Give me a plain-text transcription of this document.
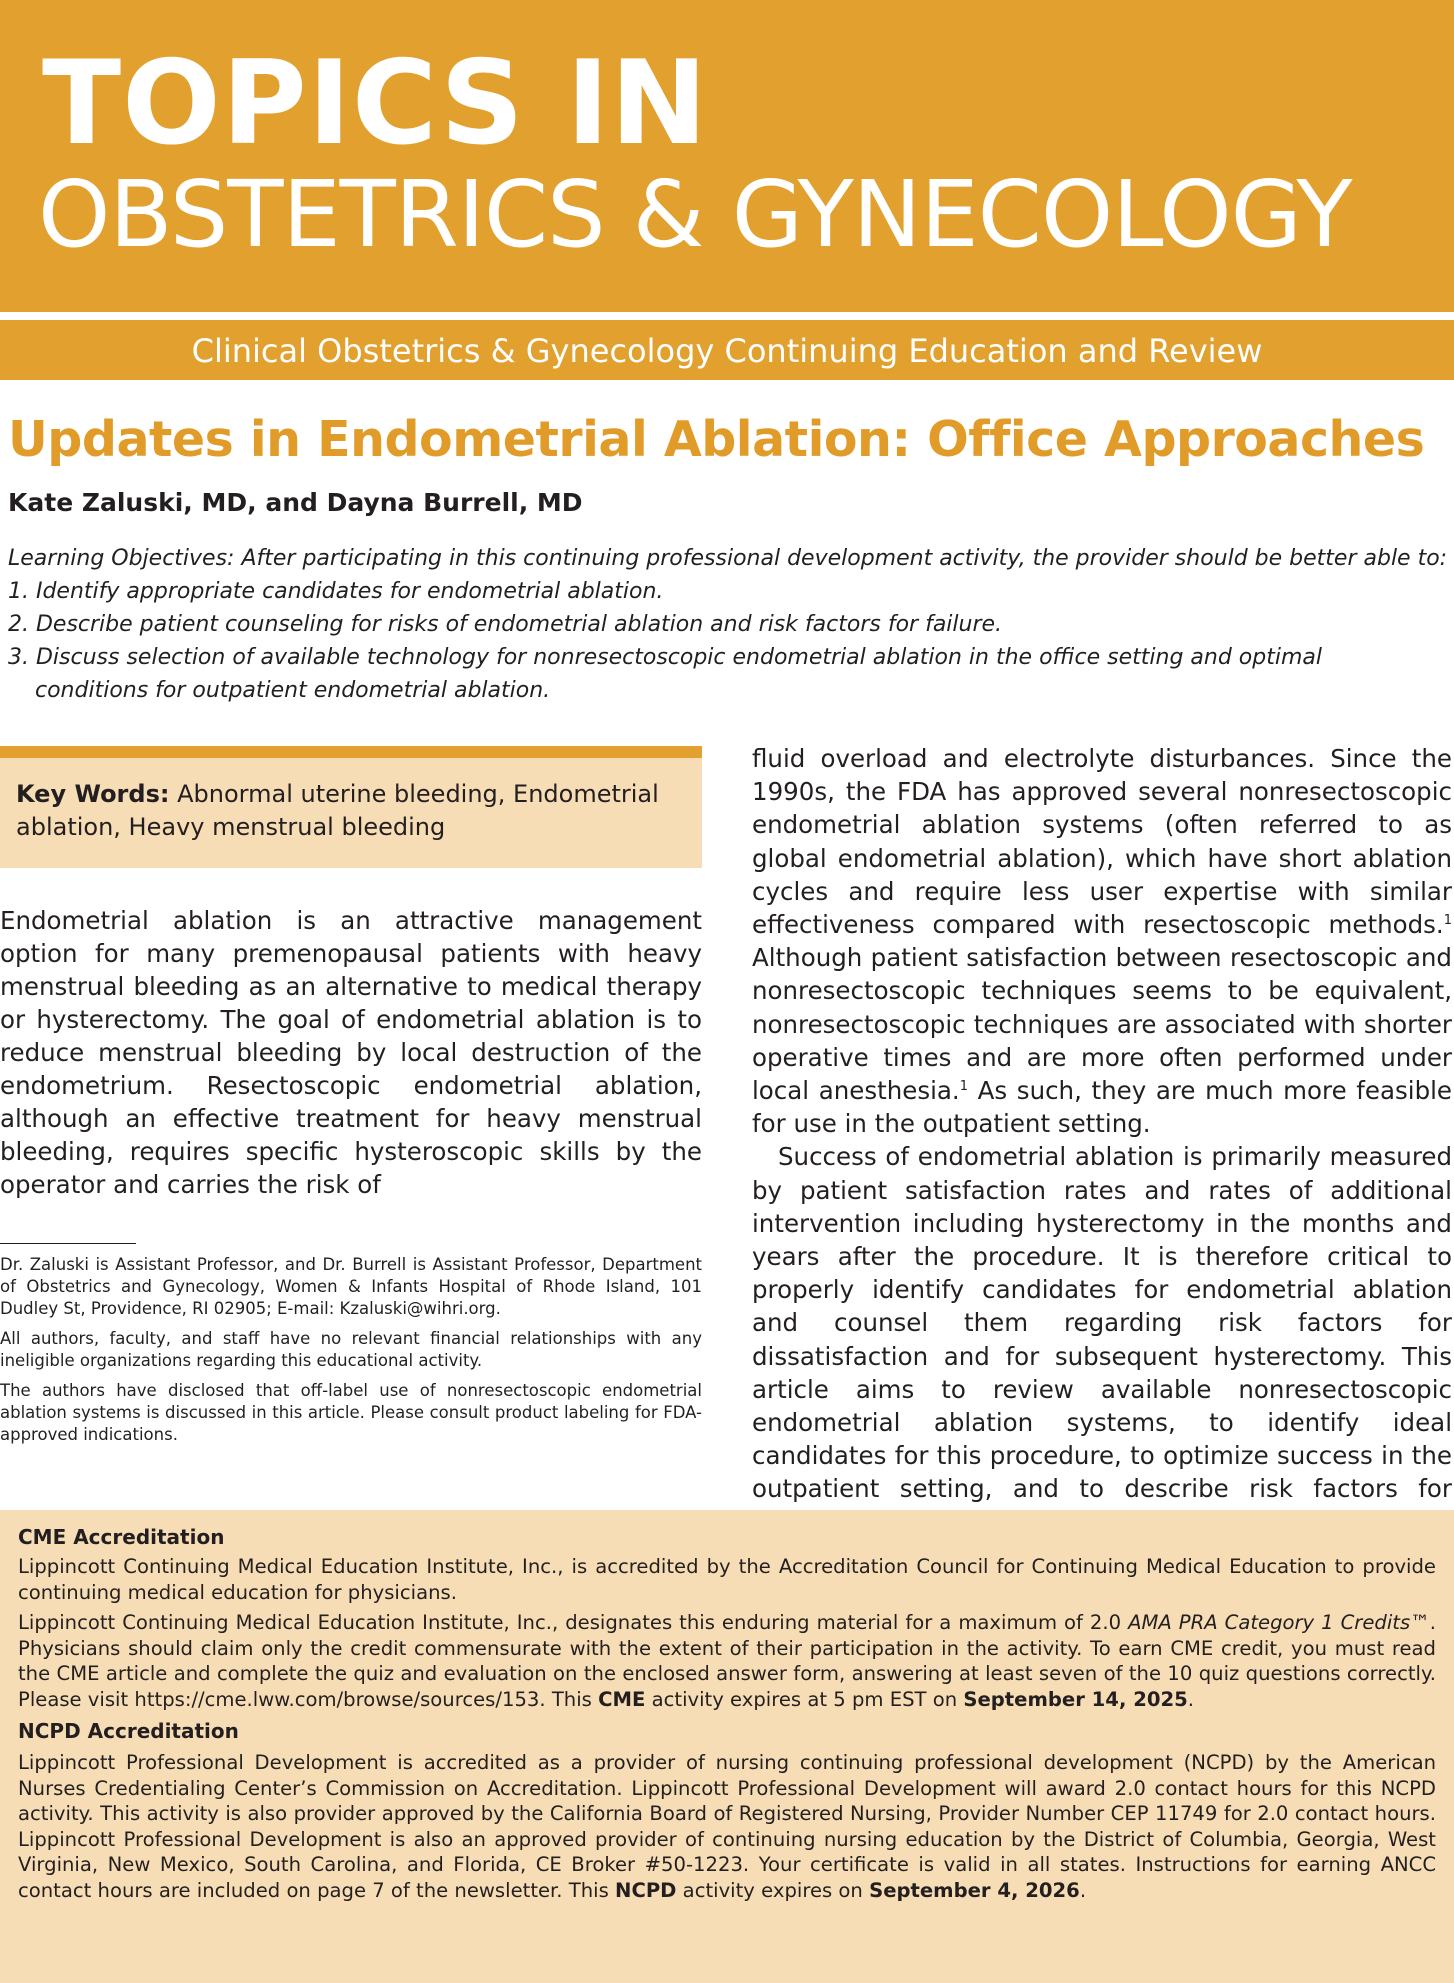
TOPICS IN
OBSTETRICS & GYNECOLOGY
Clinical Obstetrics & Gynecology Continuing Education and Review
Updates in Endometrial Ablation: Office Approaches
Kate Zaluski, MD, and Dayna Burrell, MD
Learning Objectives: After participating in this continuing professional development activity, the provider should be better able to:
1. Identify appropriate candidates for endometrial ablation.
2. Describe patient counseling for risks of endometrial ablation and risk factors for failure.
3. Discuss selection of available technology for nonresectoscopic endometrial ablation in the office setting and optimal
conditions for outpatient endometrial ablation.
Key Words: Abnormal uterine bleeding, Endometrial ablation, Heavy menstrual bleeding

Endometrial ablation is an attractive management option for many premenopausal patients with heavy menstrual bleeding as an alternative to medical therapy or hysterectomy. The goal of endometrial ablation is to reduce menstrual bleeding by local destruction of the endometrium. Resectoscopic endometrial ablation, although an effective treatment for heavy menstrual bleeding, requires specific hysteroscopic skills by the operator and carries the risk of

Dr. Zaluski is Assistant Professor, and Dr. Burrell is Assistant Professor, Department of Obstetrics and Gynecology, Women & Infants Hospital of Rhode Island, 101 Dudley St, Providence, RI 02905; E-mail: Kzaluski@wihri.org.

All authors, faculty, and staff have no relevant financial relationships with any ineligible organizations regarding this educational activity.

The authors have disclosed that off-label use of nonresectoscopic endometrial ablation systems is discussed in this article. Please consult product labeling for FDA-approved indications.

fluid overload and electrolyte disturbances. Since the 1990s, the FDA has approved several nonresectoscopic endometrial ablation systems (often referred to as global endometrial ablation), which have short ablation cycles and require less user expertise with similar effectiveness compared with resectoscopic methods.$^1$ Although patient satisfaction between resectoscopic and nonresectoscopic techniques seems to be equivalent, nonresectoscopic techniques are associated with shorter operative times and are more often performed under local anesthesia.$^1$ As such, they are much more feasible for use in the outpatient setting.

Success of endometrial ablation is primarily measured by patient satisfaction rates and rates of additional intervention including hysterectomy in the months and years after the procedure. It is therefore critical to properly identify candidates for endometrial ablation and counsel them regarding risk factors for dissatisfaction and for subsequent hysterectomy. This article aims to review available nonresectoscopic endometrial ablation systems, to identify ideal candidates for this procedure, to optimize success in the outpatient setting, and to describe risk factors for

CME Accreditation

Lippincott Continuing Medical Education Institute, Inc., is accredited by the Accreditation Council for Continuing Medical Education to provide continuing medical education for physicians.

Lippincott Continuing Medical Education Institute, Inc., designates this enduring material for a maximum of 2.0 AMA PRA Category 1 Credits™. Physicians should claim only the credit commensurate with the extent of their participation in the activity. To earn CME credit, you must read the CME article and complete the quiz and evaluation on the enclosed answer form, answering at least seven of the 10 quiz questions correctly. Please visit https://cme.lww.com/browse/sources/153. This CME activity expires at 5 pm EST on September 14, 2025.

NCPD Accreditation

Lippincott Professional Development is accredited as a provider of nursing continuing professional development (NCPD) by the American Nurses Credentialing Center’s Commission on Accreditation. Lippincott Professional Development will award 2.0 contact hours for this NCPD activity. This activity is also provider approved by the California Board of Registered Nursing, Provider Number CEP 11749 for 2.0 contact hours. Lippincott Professional Development is also an approved provider of continuing nursing education by the District of Columbia, Georgia, West Virginia, New Mexico, South Carolina, and Florida, CE Broker #50-1223. Your certificate is valid in all states. Instructions for earning ANCC contact hours are included on page 7 of the newsletter. This NCPD activity expires on September 4, 2026.
